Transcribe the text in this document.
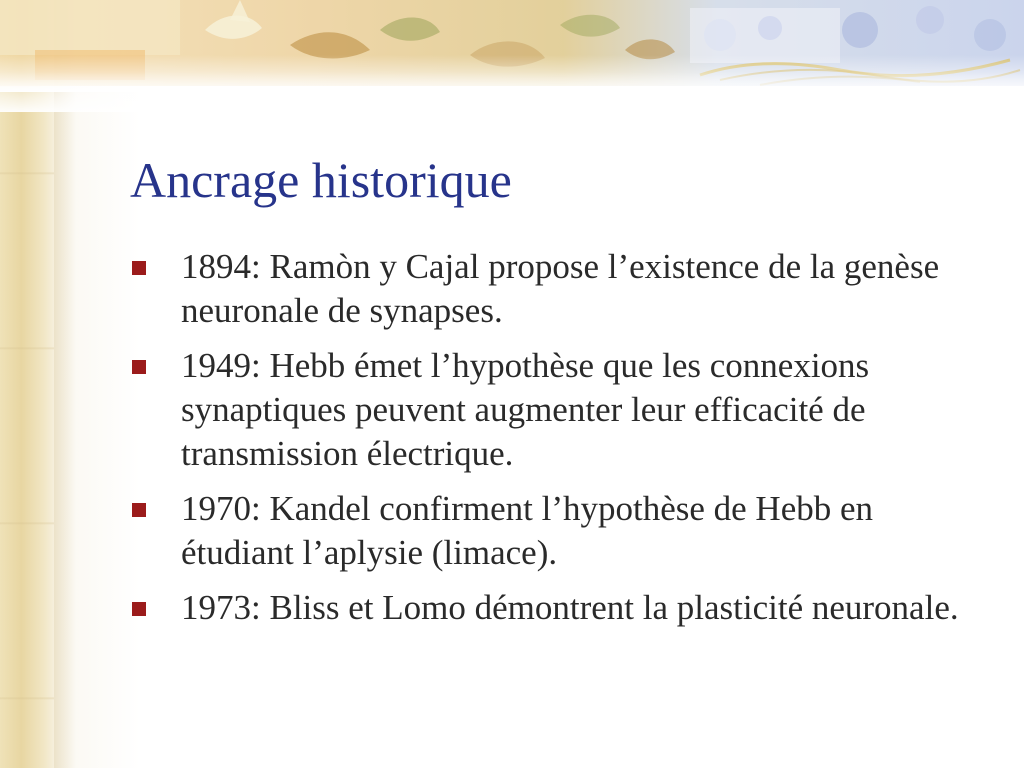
Ancrage historique
1894: Ramòn y Cajal propose l’existence de la genèse neuronale de synapses.
1949: Hebb émet l’hypothèse que les connexions synaptiques peuvent augmenter leur efficacité de transmission électrique.
1970: Kandel confirment l’hypothèse de Hebb en étudiant l’aplysie (limace).
1973: Bliss et Lomo démontrent la plasticité neuronale.
